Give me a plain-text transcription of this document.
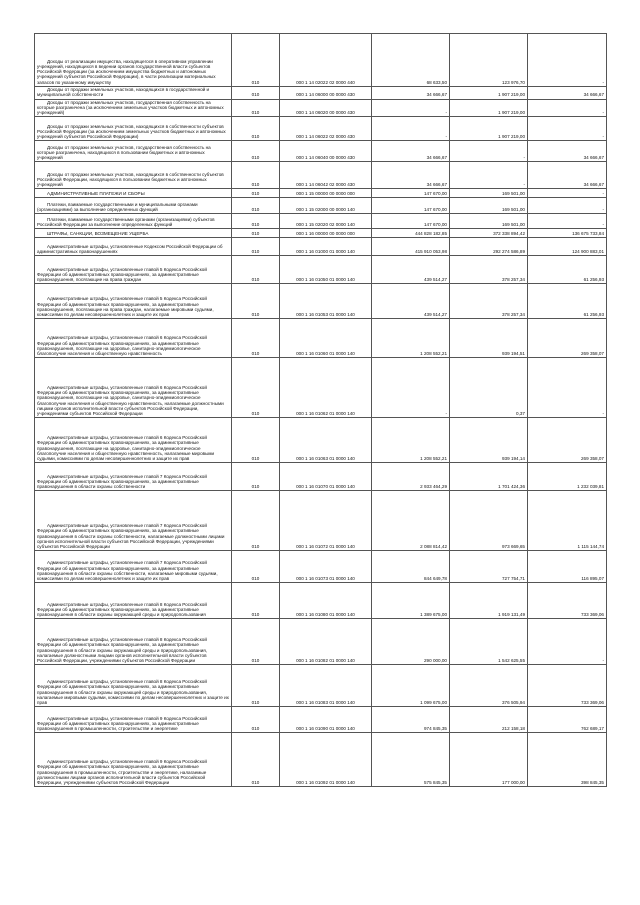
Доходы от реализации имущества, находящегося в оперативном управлении учреждений, находящихся в ведении органов государственной власти субъектов Российской Федерации (за исключением имущества бюджетных и автономных учреждений субъектов Российской Федерации), в части реализации материальных запасов по указанному имуществу	010	000 1 14 02022 02 0000 440	68 633,50	123 976,70	-
Доходы от продажи земельных участков, находящихся в государственной и муниципальной собственности	010	000 1 14 06000 00 0000 430	34 666,67	1 907 219,00	34 666,67
Доходы от продажи земельных участков, государственная собственность на которые разграничена (за исключением земельных участков бюджетных и автономных учреждений)	010	000 1 14 06020 00 0000 430	-	1 907 219,00	-
Доходы от продажи земельных участков, находящихся в собственности субъектов Российской Федерации (за исключением земельных участков бюджетных и автономных учреждений субъектов Российской Федерации)	010	000 1 14 06022 02 0000 430	-	1 907 219,00	-
Доходы от продажи земельных участков, государственная собственность на которые разграничена, находящихся в пользовании бюджетных и автономных учреждений	010	000 1 14 06040 00 0000 430	34 666,67	-	34 666,67
Доходы от продажи земельных участков, находящихся в собственности субъектов Российской Федерации, находящихся в пользовании бюджетных и автономных учреждений	010	000 1 14 06042 02 0000 430	34 666,67	-	34 666,67
АДМИНИСТРАТИВНЫЕ ПЛАТЕЖИ И СБОРЫ	010	000 1 15 00000 00 0000 000	147 670,00	169 501,00	-
Платежи, взимаемые государственными и муниципальными органами (организациями) за выполнение определенных функций	010	000 1 15 02000 00 0000 140	147 670,00	169 501,00	-
Платежи, взимаемые государственными органами (организациями) субъектов Российской Федерации за выполнение определенных функций	010	000 1 15 02020 02 0000 140	147 670,00	169 501,00	-
ШТРАФЫ, САНКЦИИ, ВОЗМЕЩЕНИЕ УЩЕРБА	010	000 1 16 00000 00 0000 000	444 828 182,85	372 338 894,42	136 675 733,84
Административные штрафы, установленные Кодексом Российской Федерации об административных правонарушениях	010	000 1 16 01000 01 0000 140	415 910 053,98	292 274 586,89	124 900 883,01
Административные штрафы, установленные главой 5 Кодекса Российской Федерации об административных правонарушениях, за административные правонарушения, посягающие на права граждан	010	000 1 16 01050 01 0000 140	439 514,27	378 257,34	61 256,93
Административные штрафы, установленные главой 5 Кодекса Российской Федерации об административных правонарушениях, за административные правонарушения, посягающие на права граждан, налагаемые мировыми судьями, комиссиями по делам несовершеннолетних и защите их прав	010	000 1 16 01053 01 0000 140	439 514,27	378 257,34	61 256,93
Административные штрафы, установленные главой 6 Кодекса Российской Федерации об административных правонарушениях, за административные правонарушения, посягающие на здоровье, санитарно-эпидемиологическое благополучие населения и общественную нравственность	010	000 1 16 01060 01 0000 140	1 208 552,21	939 194,51	269 358,07
Административные штрафы, установленные главой 6 Кодекса Российской Федерации об административных правонарушениях, за административные правонарушения, посягающие на здоровье, санитарно-эпидемиологическое благополучие населения и общественную нравственность, налагаемые должностными лицами органов исполнительной власти субъектов Российской Федерации, учреждениями субъектов Российской Федерации	010	000 1 16 01062 01 0000 140	-	0,37	-
Административные штрафы, установленные главой 6 Кодекса Российской Федерации об административных правонарушениях, за административные правонарушения, посягающие на здоровье, санитарно-эпидемиологическое благополучие населения и общественную нравственность, налагаемые мировыми судьями, комиссиями по делам несовершеннолетних и защите их прав	010	000 1 16 01063 01 0000 140	1 208 552,21	939 194,14	269 358,07
Административные штрафы, установленные главой 7 Кодекса Российской Федерации об административных правонарушениях, за административные правонарушения в области охраны собственности	010	000 1 16 01070 01 0000 140	2 933 464,29	1 701 424,36	1 232 039,81
Административные штрафы, установленные главой 7 Кодекса Российской Федерации об административных правонарушениях, за административные правонарушения в области охраны собственности, налагаемые должностными лицами органов исполнительной власти субъектов Российской Федерации, учреждениями субъектов Российской Федерации	010	000 1 16 01072 01 0000 140	2 088 814,42	973 669,65	1 115 144,74
Административные штрафы, установленные главой 7 Кодекса Российской Федерации об административных правонарушениях, за административные правонарушения в области охраны собственности, налагаемые мировыми судьями, комиссиями по делам несовершеннолетних и защите их прав	010	000 1 16 01073 01 0000 140	844 649,78	727 754,71	116 895,07
Административные штрафы, установленные главой 8 Кодекса Российской Федерации об административных правонарушениях, за административные правонарушения в области охраны окружающей среды и природопользования	010	000 1 16 01080 01 0000 140	1 389 675,00	1 919 131,49	733 369,06
Административные штрафы, установленные главой 8 Кодекса Российской Федерации об административных правонарушениях, за административные правонарушения в области охраны окружающей среды и природопользования, налагаемые должностными лицами органов исполнительной власти субъектов Российской Федерации, учреждениями субъектов Российской Федерации	010	000 1 16 01082 01 0000 140	290 000,00	1 542 625,55	-
Административные штрафы, установленные главой 8 Кодекса Российской Федерации об административных правонарушениях, за административные правонарушения в области охраны окружающей среды и природопользования, налагаемые мировыми судьями, комиссиями по делам несовершеннолетних и защите их прав	010	000 1 16 01083 01 0000 140	1 099 675,00	376 505,94	733 369,06
Административные штрафы, установленные главой 9 Кодекса Российской Федерации об административных правонарушениях, за административные правонарушения в промышленности, строительстве и энергетике	010	000 1 16 01090 01 0000 140	974 845,35	212 158,18	762 689,17
Административные штрафы, установленные главой 9 Кодекса Российской Федерации об административных правонарушениях, за административные правонарушения в промышленности, строительстве и энергетике, налагаемые должностными лицами органов исполнительной власти субъектов Российской Федерации, учреждениями субъектов Российской Федерации	010	000 1 16 01092 01 0000 140	575 845,35	177 000,00	398 845,35
